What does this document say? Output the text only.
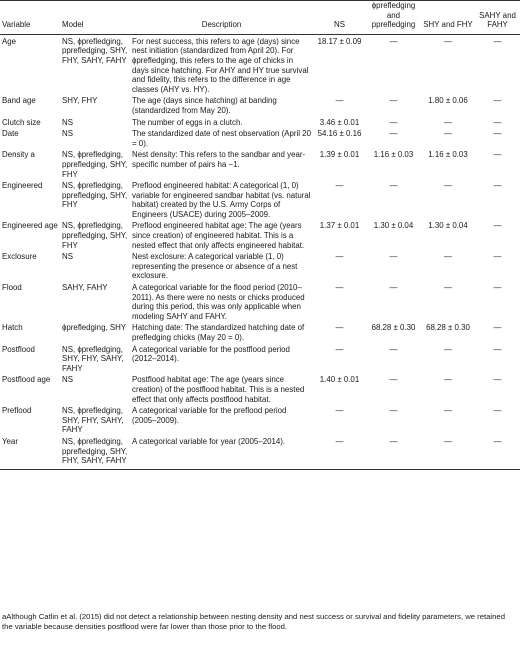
Variable	Model	Description	NS	ϕprefledging and pprefledging	SHY and FHY	SAHY and FAHY
Age	NS, ϕprefledging, pprefledging, SHY, FHY, SAHY, FAHY	For nest success, this refers to age (days) since nest initiation (standardized from April 20). For ϕprefledging, this refers to the age of chicks in days since hatching. For AHY and HY true survival and fidelity, this refers to the difference in age classes (AHY vs. HY).	18.17 ± 0.09	—	—	—
Band age	SHY, FHY	The age (days since hatching) at banding (standardized from May 20).	—	—	1.80 ± 0.06	—
Clutch size	NS	The number of eggs in a clutch.	3.46 ± 0.01	—	—	—
Date	NS	The standardized date of nest observation (April 20 = 0).	54.16 ± 0.16	—	—	—
Density a	NS, ϕprefledging, pprefledging, SHY, FHY	Nest density: This refers to the sandbar and year-specific number of pairs ha −1.	1.39 ± 0.01	1.16 ± 0.03	1.16 ± 0.03	—
Engineered	NS, ϕprefledging, pprefledging, SHY, FHY	Preflood engineered habitat: A categorical (1, 0) variable for engineered sandbar habitat (vs. natural habitat) created by the U.S. Army Corps of Engineers (USACE) during 2005–2009.	—	—	—	—
Engineered age	NS, ϕprefledging, pprefledging, SHY, FHY	Preflood engineered habitat age: The age (years since creation) of engineered habitat. This is a nested effect that only affects engineered habitat.	1.37 ± 0.01	1.30 ± 0.04	1.30 ± 0.04	—
Exclosure	NS	Nest exclosure: A categorical variable (1, 0) representing the presence or absence of a nest exclosure.	—	—	—	—
Flood	SAHY, FAHY	A categorical variable for the flood period (2010–2011). As there were no nests or chicks produced during this period, this was only applicable when modeling SAHY and FAHY.	—	—	—	—
Hatch	ϕprefledging, SHY	Hatching date: The standardized hatching date of prefledging chicks (May 20 = 0).	—	68.28 ± 0.30	68.28 ± 0.30	—
Postflood	NS, ϕprefledging, SHY, FHY, SAHY, FAHY	A categorical variable for the postflood period (2012–2014).	—	—	—	—
Postflood age	NS	Postflood habitat age: The age (years since creation) of the postflood habitat. This is a nested effect that only affects postflood habitat.	1.40 ± 0.01	—	—	—
Preflood	NS, ϕprefledging, SHY, FHY, SAHY, FAHY	A categorical variable for the preflood period (2005–2009).	—	—	—	—
Year	NS, ϕprefledging, pprefledging, SHY, FHY, SAHY, FAHY	A categorical variable for year (2005–2014).	—	—	—	—
aAlthough Catlin et al. (2015) did not detect a relationship between nesting density and nest success or survival and fidelity parameters, we retained the variable because densities postflood were far lower than those prior to the flood.
